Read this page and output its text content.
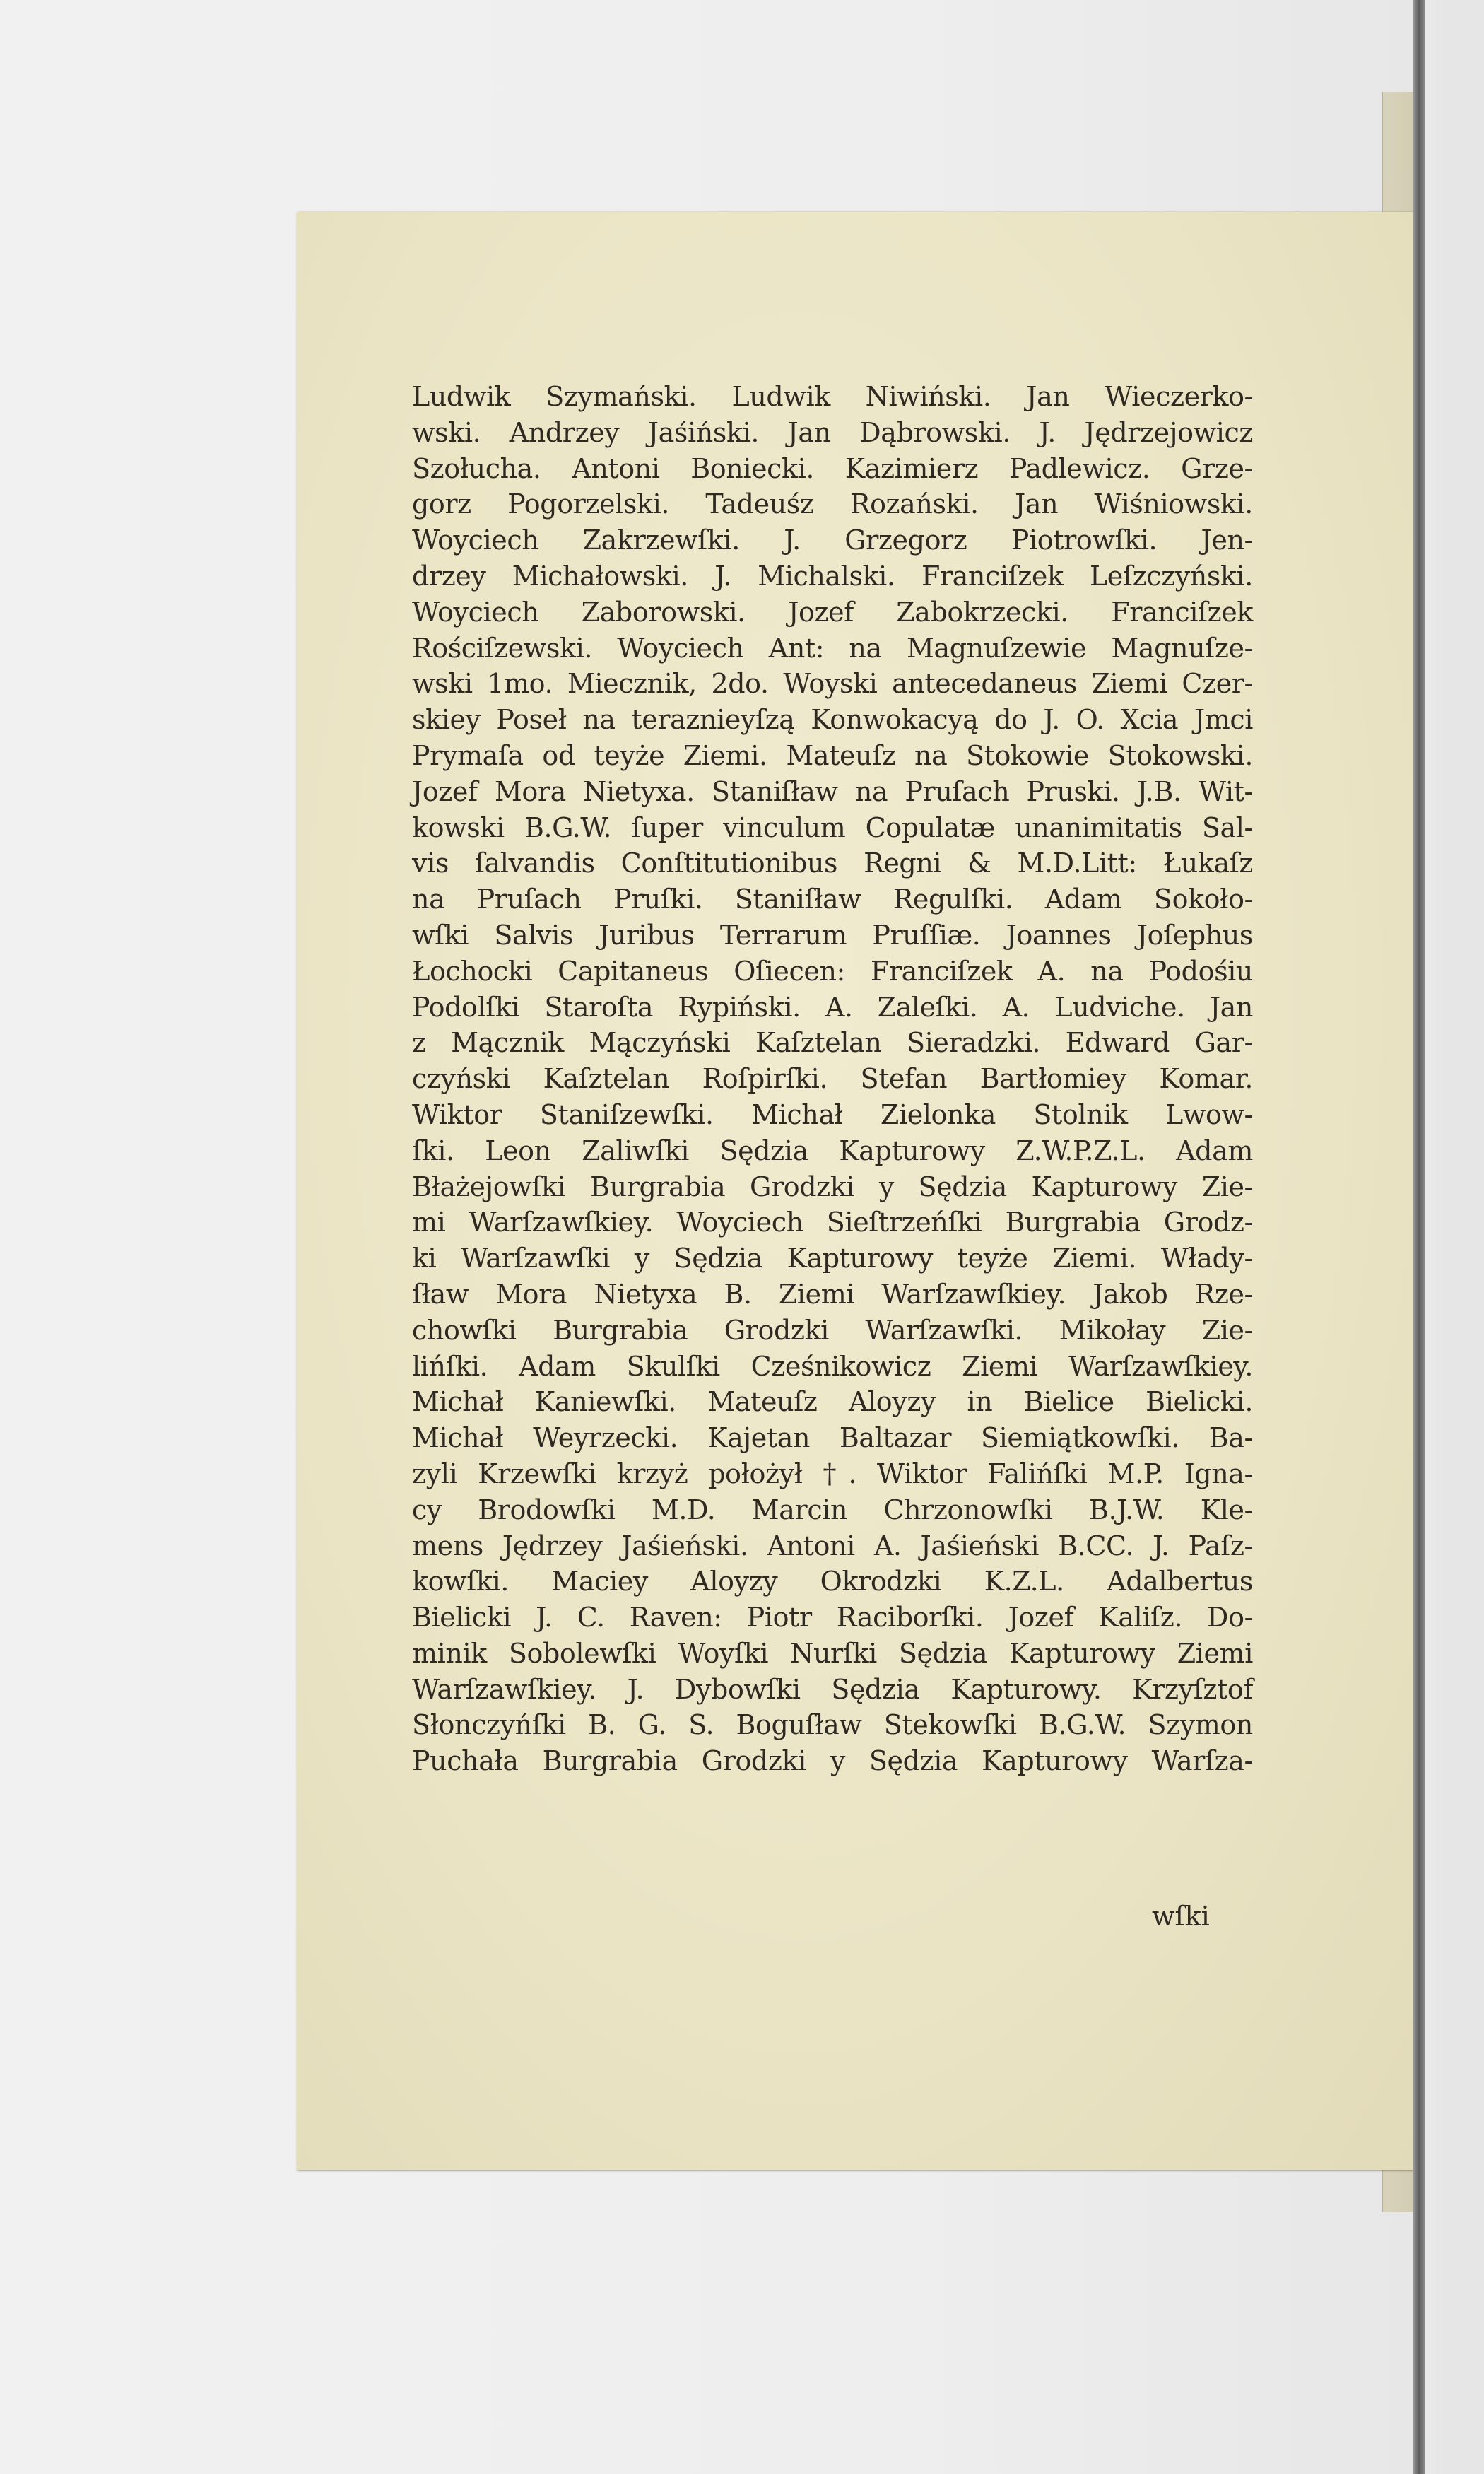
Ludwik Szymański. Ludwik Niwiński. Jan Wieczerko-
wski. Andrzey Jaśiński. Jan Dąbrowski. J. Jędrzejowicz
Szołucha. Antoni Boniecki. Kazimierz Padlewicz. Grze-
gorz Pogorzelski. Tadeuśz Rozański. Jan Wiśniowski.
Woyciech Zakrzewſki. J. Grzegorz Piotrowſki. Jen-
drzey Michałowski. J. Michalski. Franciſzek Leſzczyński.
Woyciech Zaborowski. Jozef Zabokrzecki. Franciſzek
Rościſzewski. Woyciech Ant: na Magnuſzewie Magnuſze-
wski 1mo. Miecznik, 2do. Woyski antecedaneus Ziemi Czer-
skiey Poseł na teraznieyſzą Konwokacyą do J. O. Xcia Jmci
Prymaſa od teyże Ziemi. Mateuſz na Stokowie Stokowski.
Jozef Mora Nietyxa. Staniſław na Pruſach Pruski. J.B. Wit-
kowski B.G.W. ſuper vinculum Copulatæ unanimitatis Sal-
vis ſalvandis Conſtitutionibus Regni & M.D.Litt: Łukaſz
na Pruſach Pruſki. Staniſław Regulſki. Adam Sokoło-
wſki Salvis Juribus Terrarum Pruſſiæ. Joannes Joſephus
Łochocki Capitaneus Oſiecen: Franciſzek A. na Podośiu
Podolſki Staroſta Rypiński. A. Zaleſki. A. Ludviche. Jan
z Mącznik Mączyński Kaſztelan Sieradzki. Edward Gar-
czyński Kaſztelan Roſpirſki. Stefan Bartłomiey Komar.
Wiktor Staniſzewſki. Michał Zielonka Stolnik Lwow-
ſki. Leon Zaliwſki Sędzia Kapturowy Z.W.P.Z.L. Adam
Błażejowſki Burgrabia Grodzki y Sędzia Kapturowy Zie-
mi Warſzawſkiey. Woyciech Sieſtrzeńſki Burgrabia Grodz-
ki Warſzawſki y Sędzia Kapturowy teyże Ziemi. Włady-
ſław Mora Nietyxa B. Ziemi Warſzawſkiey. Jakob Rze-
chowſki Burgrabia Grodzki Warſzawſki. Mikołay Zie-
lińſki. Adam Skulſki Cześnikowicz Ziemi Warſzawſkiey.
Michał Kaniewſki. Mateuſz Aloyzy in Bielice Bielicki.
Michał Weyrzecki. Kajetan Baltazar Siemiątkowſki. Ba-
zyli Krzewſki krzyż położył †. Wiktor Falińſki M.P. Igna-
cy Brodowſki M.D. Marcin Chrzonowſki B.J.W. Kle-
mens Jędrzey Jaśieński. Antoni A. Jaśieński B.CC. J. Paſz-
kowſki. Maciey Aloyzy Okrodzki K.Z.L. Adalbertus
Bielicki J. C. Raven: Piotr Raciborſki. Jozef Kaliſz. Do-
minik Sobolewſki Woyſki Nurſki Sędzia Kapturowy Ziemi
Warſzawſkiey. J. Dybowſki Sędzia Kapturowy. Krzyſztof
Słonczyńſki B. G. S. Boguſław Stekowſki B.G.W. Szymon
Puchała Burgrabia Grodzki y Sędzia Kapturowy Warſza-
wſki
